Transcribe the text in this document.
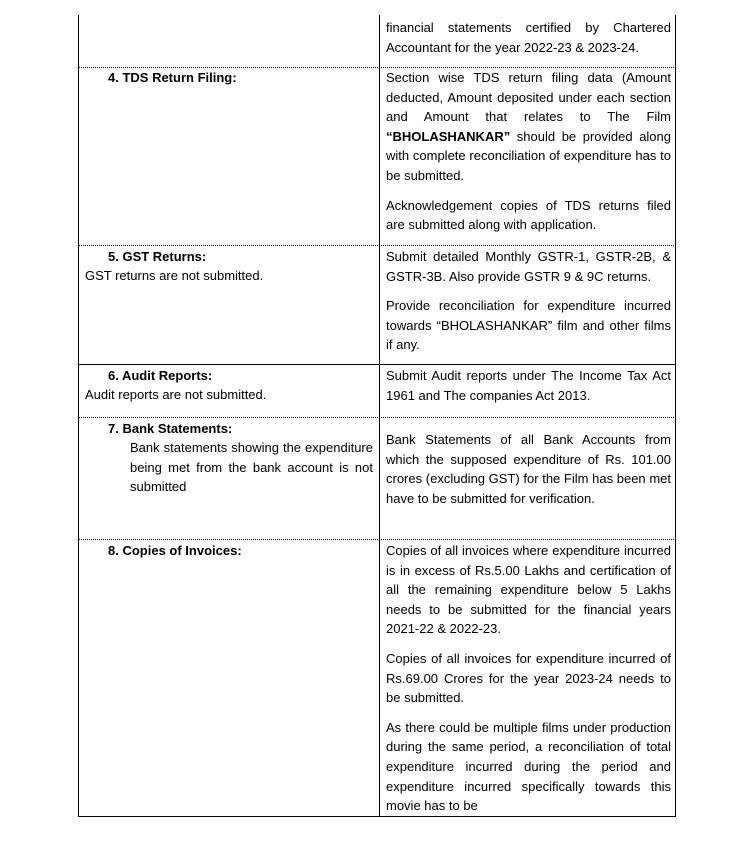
financial statements certified by Chartered Accountant for the year 2022-23 & 2023-24.

4. TDS Return Filing:	Section wise TDS return filing data (Amount deducted, Amount deposited under each section and Amount that relates to The Film “BHOLASHANKAR” should be provided along with complete reconciliation of expenditure has to be submitted.

Acknowledgement copies of TDS returns filed are submitted along with application.

5. GST Returns:
GST returns are not submitted.

Submit detailed Monthly GSTR-1, GSTR-2B, & GSTR-3B. Also provide GSTR 9 & 9C returns.

Provide reconciliation for expenditure incurred towards “BHOLASHANKAR” film and other films if any.

6. Audit Reports:
Audit reports are not submitted.

Submit Audit reports under The Income Tax Act 1961 and The companies Act 2013.

7. Bank Statements:
Bank statements showing the expenditure being met from the bank account is not submitted

Bank Statements of all Bank Accounts from which the supposed expenditure of Rs. 101.00 crores (excluding GST) for the Film has been met have to be submitted for verification.

8. Copies of Invoices:	Copies of all invoices where expenditure incurred is in excess of Rs.5.00 Lakhs and certification of all the remaining expenditure below 5 Lakhs needs to be submitted for the financial years 2021-22 & 2022-23.

Copies of all invoices for expenditure incurred of Rs.69.00 Crores for the year 2023-24 needs to be submitted.

As there could be multiple films under production during the same period, a reconciliation of total expenditure incurred during the period and expenditure incurred specifically towards this movie has to be
